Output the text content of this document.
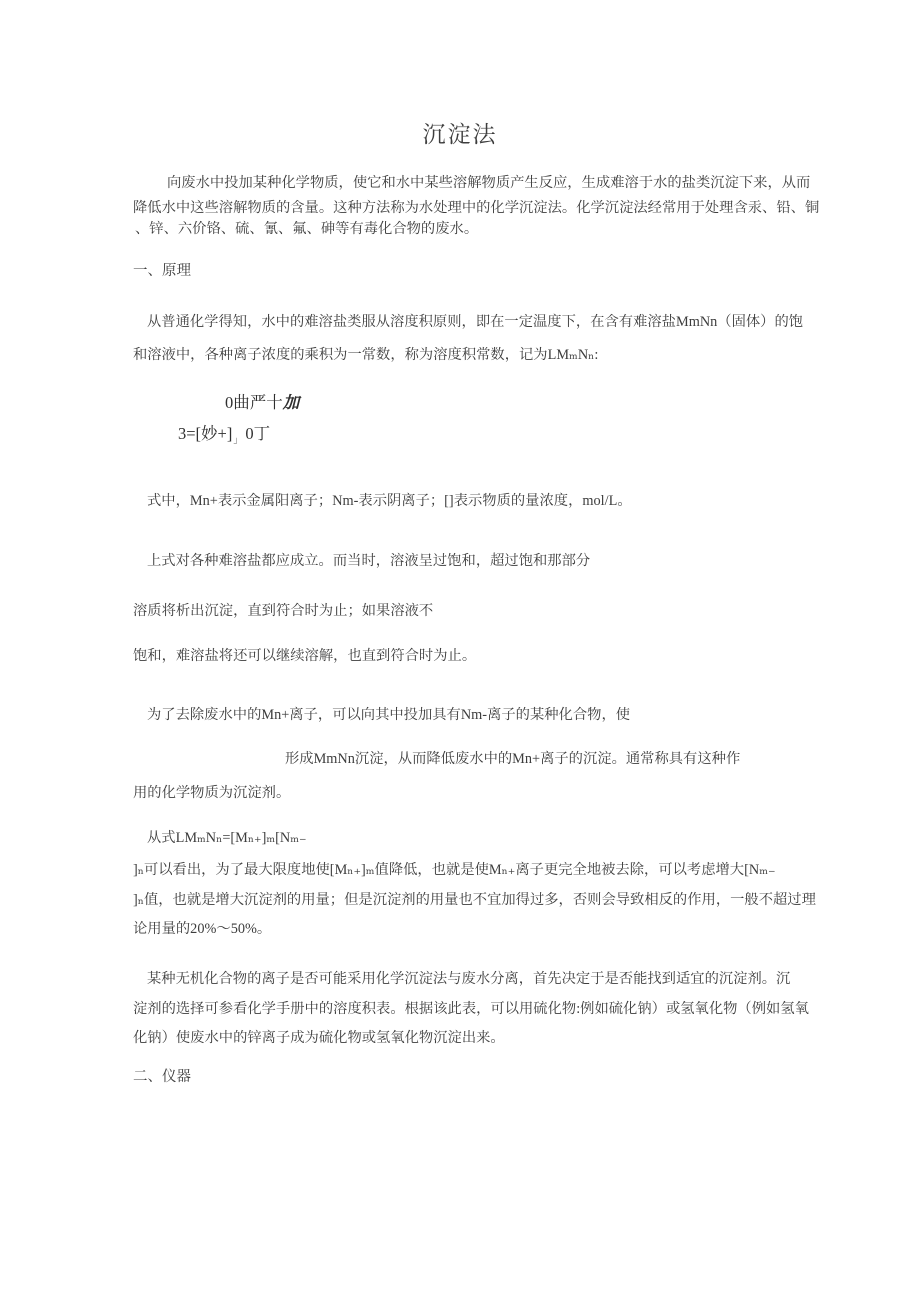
沉淀法
向废水中投加某种化学物质，使它和水中某些溶解物质产生反应，生成难溶于水的盐类沉淀下来，从而
降低水中这些溶解物质的含量。这种方法称为水处理中的化学沉淀法。化学沉淀法经常用于处理含汞、铅、铜
、锌、六价铬、硫、氰、氟、砷等有毒化合物的废水。
一、原理
从普通化学得知，水中的难溶盐类服从溶度积原则，即在一定温度下，在含有难溶盐MmNn（固体）的饱
和溶液中，各种离子浓度的乘积为一常数，称为溶度积常数，记为LMₘNₙ:
0曲严十加
3=[妙$+]_」$ 0丁
式中，Mn+表示金属阳离子；Nm-表示阴离子；[]表示物质的量浓度，mol/L。
上式对各种难溶盐都应成立。而当时，溶液呈过饱和，超过饱和那部分
溶质将析出沉淀，直到符合时为止；如果溶液不
饱和，难溶盐将还可以继续溶解，也直到符合时为止。
为了去除废水中的Mn+离子，可以向其中投加具有Nm-离子的某种化合物，使
形成MmNn沉淀，从而降低废水中的Mn+离子的沉淀。通常称具有这种作
用的化学物质为沉淀剂。
从式LMₘNₙ=[Mₙ₊]ₘ[Nₘ₋
]ₙ可以看出，为了最大限度地使[Mₙ₊]ₘ值降低，也就是使Mₙ₊离子更完全地被去除，可以考虑增大[Nₘ₋
]ₙ值，也就是增大沉淀剂的用量；但是沉淀剂的用量也不宜加得过多，否则会导致相反的作用，一般不超过理
论用量的20%～50%。
某种无机化合物的离子是否可能采用化学沉淀法与废水分离，首先决定于是否能找到适宜的沉淀剂。沉
淀剂的选择可参看化学手册中的溶度积表。根据该此表，可以用硫化物:例如硫化钠）或氢氧化物（例如氢氧
化钠）使废水中的锌离子成为硫化物或氢氧化物沉淀出来。
二、仪器
